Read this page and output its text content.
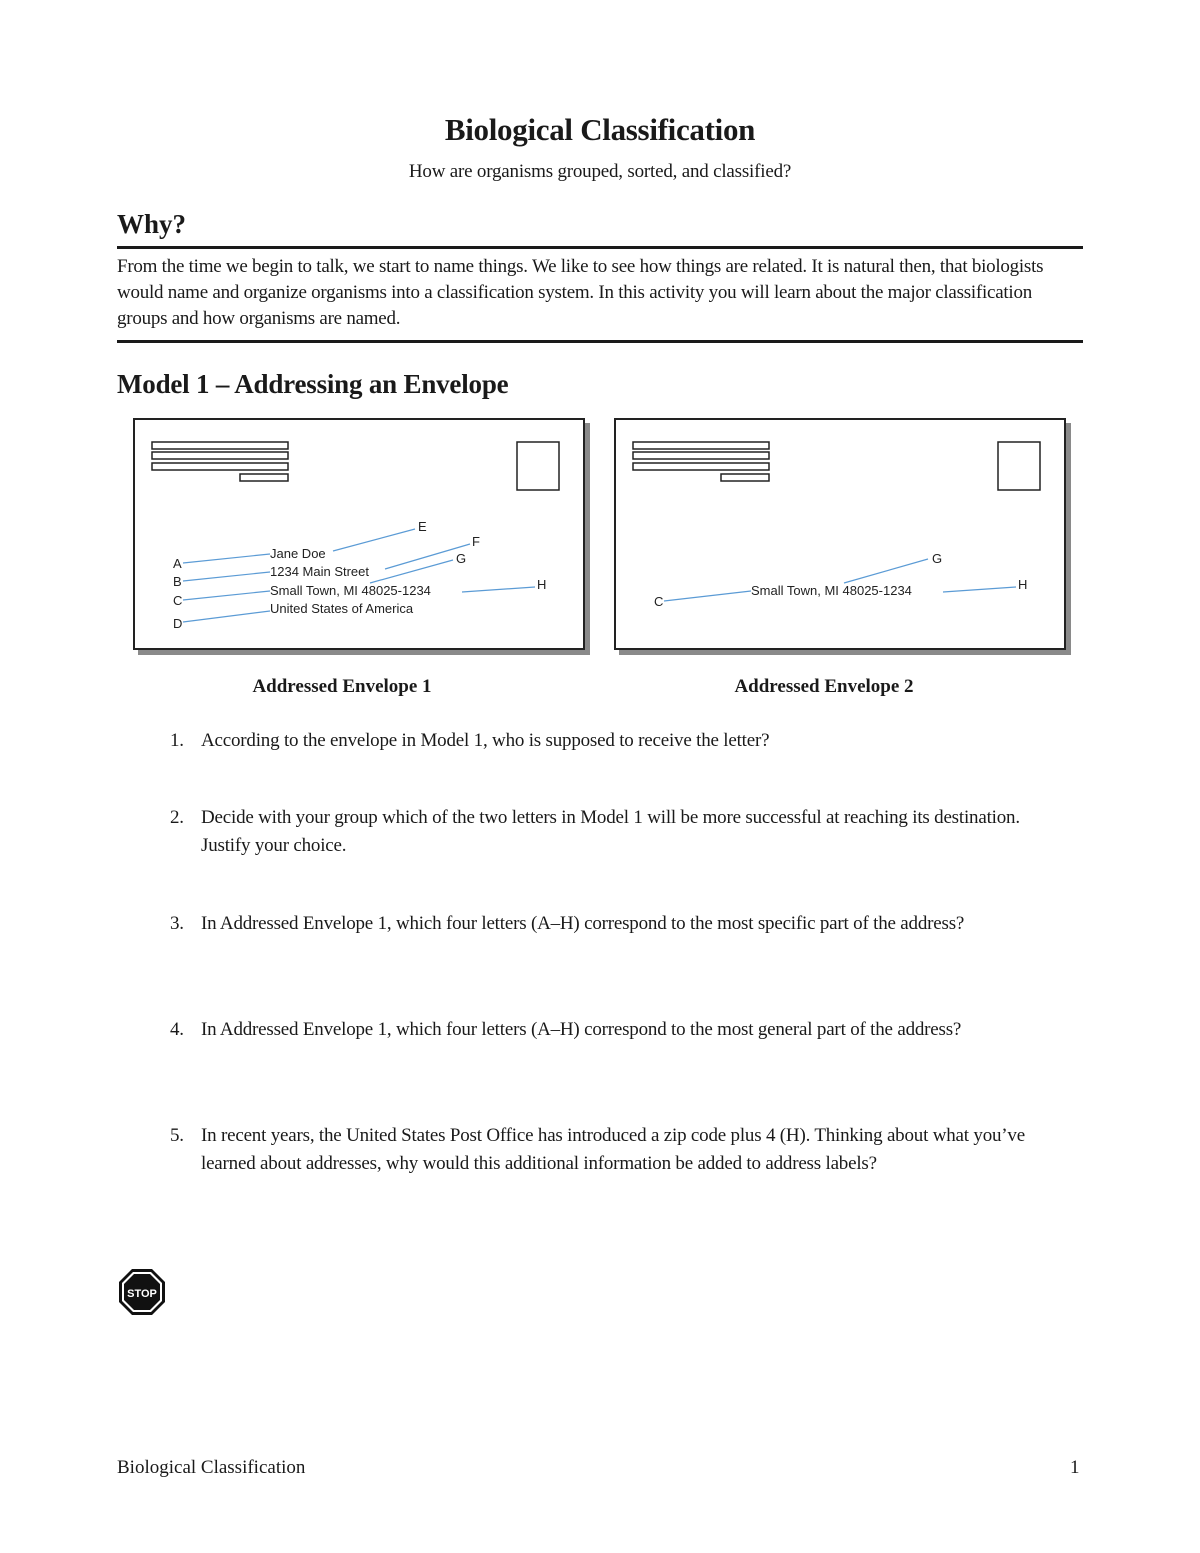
Biological Classification
How are organisms grouped, sorted, and classified?
Why?
From the time we begin to talk, we start to name things. We like to see how things are related. It is natural then, that biologists would name and organize organisms into a classification system. In this activity you will learn about the major classification groups and how organisms are named.
Model 1 – Addressing an Envelope
Jane Doe
1234 Main Street
Small Town, MI 48025-1234
United States of America
A
B
C
D
E
F
G
H	Small Town, MI 48025-1234
C
G
H
Addressed Envelope 1	Addressed Envelope 2
1. According to the envelope in Model 1, who is supposed to receive the letter?
2. Decide with your group which of the two letters in Model 1 will be more successful at reaching its destination. Justify your choice.
3. In Addressed Envelope 1, which four letters (A–H) correspond to the most specific part of the address?
4. In Addressed Envelope 1, which four letters (A–H) correspond to the most general part of the address?
5. In recent years, the United States Post Office has introduced a zip code plus 4 (H). Thinking about what you’ve learned about addresses, why would this additional information be added to address labels?
STOP
Biological Classification	1
